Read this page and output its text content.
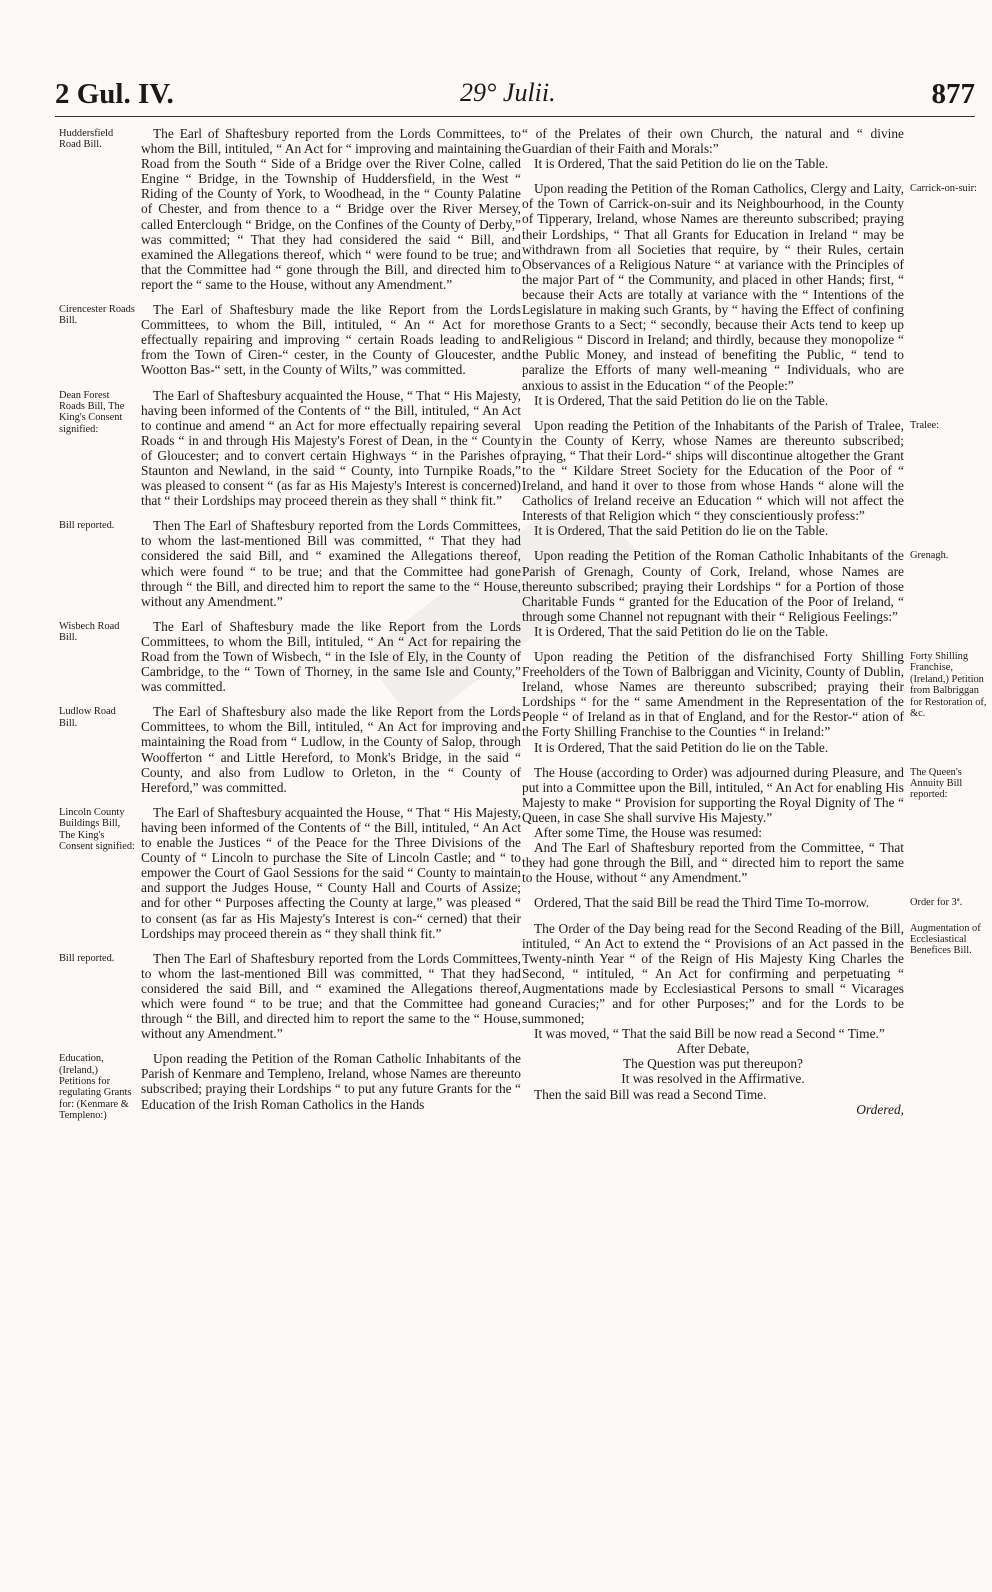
2 Gul. IV.	29° Julii.	877
Huddersfield Road Bill.

The Earl of Shaftesbury reported from the Lords Committees, to whom the Bill, intituled, “ An Act for “ improving and maintaining the Road from the South “ Side of a Bridge over the River Colne, called Engine “ Bridge, in the Township of Huddersfield, in the West “ Riding of the County of York, to Woodhead, in the “ County Palatine of Chester, and from thence to a “ Bridge over the River Mersey, called Enterclough “ Bridge, on the Confines of the County of Derby,” was committed; “ That they had considered the said “ Bill, and examined the Allegations thereof, which “ were found to be true; and that the Committee had “ gone through the Bill, and directed him to report the “ same to the House, without any Amendment.”

Cirencester Roads Bill.

The Earl of Shaftesbury made the like Report from the Lords Committees, to whom the Bill, intituled, “ An “ Act for more effectually repairing and improving “ certain Roads leading to and from the Town of Ciren-“ cester, in the County of Gloucester, and Wootton Bas-“ sett, in the County of Wilts,” was committed.

Dean Forest Roads Bill, The King's Consent signified:

The Earl of Shaftesbury acquainted the House, “ That “ His Majesty, having been informed of the Contents of “ the Bill, intituled, “ An Act to continue and amend “ an Act for more effectually repairing several Roads “ in and through His Majesty's Forest of Dean, in the “ County of Gloucester; and to convert certain Highways “ in the Parishes of Staunton and Newland, in the said “ County, into Turnpike Roads,” was pleased to consent “ (as far as His Majesty's Interest is concerned) that “ their Lordships may proceed therein as they shall “ think fit.”

Bill reported.	Then The Earl of Shaftesbury reported from the Lords Committees, to whom the last-mentioned Bill was committed, “ That they had considered the said Bill, and “ examined the Allegations thereof, which were found “ to be true; and that the Committee had gone through “ the Bill, and directed him to report the same to the “ House, without any Amendment.”

Wisbech Road Bill.

The Earl of Shaftesbury made the like Report from the Lords Committees, to whom the Bill, intituled, “ An “ Act for repairing the Road from the Town of Wisbech, “ in the Isle of Ely, in the County of Cambridge, to the “ Town of Thorney, in the same Isle and County,” was committed.

Ludlow Road Bill.

The Earl of Shaftesbury also made the like Report from the Lords Committees, to whom the Bill, intituled, “ An Act for improving and maintaining the Road from “ Ludlow, in the County of Salop, through Woofferton “ and Little Hereford, to Monk's Bridge, in the said “ County, and also from Ludlow to Orleton, in the “ County of Hereford,” was committed.

Lincoln County Buildings Bill, The King's Consent signified:

The Earl of Shaftesbury acquainted the House, “ That “ His Majesty, having been informed of the Contents of “ the Bill, intituled, “ An Act to enable the Justices “ of the Peace for the Three Divisions of the County of “ Lincoln to purchase the Site of Lincoln Castle; and “ to empower the Court of Gaol Sessions for the said “ County to maintain and support the Judges House, “ County Hall and Courts of Assize; and for other “ Purposes affecting the County at large,” was pleased “ to consent (as far as His Majesty's Interest is con-“ cerned) that their Lordships may proceed therein as “ they shall think fit.”

Bill reported.	Then The Earl of Shaftesbury reported from the Lords Committees, to whom the last-mentioned Bill was committed, “ That they had considered the said Bill, and “ examined the Allegations thereof, which were found “ to be true; and that the Committee had gone through “ the Bill, and directed him to report the same to the “ House, without any Amendment.”

Education, (Ireland,) Petitions for regulating Grants for: (Kenmare & Templeno:)

Upon reading the Petition of the Roman Catholic Inhabitants of the Parish of Kenmare and Templeno, Ireland, whose Names are thereunto subscribed; praying their Lordships “ to put any future Grants for the “ Education of the Irish Roman Catholics in the Hands

“ of the Prelates of their own Church, the natural and “ divine Guardian of their Faith and Morals:”

It is Ordered, That the said Petition do lie on the Table.

Carrick-on-suir:

Upon reading the Petition of the Roman Catholics, Clergy and Laity, of the Town of Carrick-on-suir and its Neighbourhood, in the County of Tipperary, Ireland, whose Names are thereunto subscribed; praying their Lordships, “ That all Grants for Education in Ireland “ may be withdrawn from all Societies that require, by “ their Rules, certain Observances of a Religious Nature “ at variance with the Principles of the major Part of “ the Community, and placed in other Hands; first, “ because their Acts are totally at variance with the “ Intentions of the Legislature in making such Grants, by “ having the Effect of confining those Grants to a Sect; “ secondly, because their Acts tend to keep up Religious “ Discord in Ireland; and thirdly, because they monopolize “ the Public Money, and instead of benefiting the Public, “ tend to paralize the Efforts of many well-meaning “ Individuals, who are anxious to assist in the Education “ of the People:”

It is Ordered, That the said Petition do lie on the Table.

Tralee:

Upon reading the Petition of the Inhabitants of the Parish of Tralee, in the County of Kerry, whose Names are thereunto subscribed; praying, “ That their Lord-“ ships will discontinue altogether the Grant to the “ Kildare Street Society for the Education of the Poor of “ Ireland, and hand it over to those from whose Hands “ alone will the Catholics of Ireland receive an Education “ which will not affect the Interests of that Religion which “ they conscientiously profess:”

It is Ordered, That the said Petition do lie on the Table.

Grenagh.

Upon reading the Petition of the Roman Catholic Inhabitants of the Parish of Grenagh, County of Cork, Ireland, whose Names are thereunto subscribed; praying their Lordships “ for a Portion of those Charitable Funds “ granted for the Education of the Poor of Ireland, “ through some Channel not repugnant with their “ Religious Feelings:”

It is Ordered, That the said Petition do lie on the Table.

Forty Shilling Franchise, (Ireland,) Petition from Balbriggan for Restoration of, &c.

Upon reading the Petition of the disfranchised Forty Shilling Freeholders of the Town of Balbriggan and Vicinity, County of Dublin, Ireland, whose Names are thereunto subscribed; praying their Lordships “ for the “ same Amendment in the Representation of the People “ of Ireland as in that of England, and for the Restor-“ ation of the Forty Shilling Franchise to the Counties “ in Ireland:”

It is Ordered, That the said Petition do lie on the Table.

The Queen's Annuity Bill reported:

The House (according to Order) was adjourned during Pleasure, and put into a Committee upon the Bill, intituled, “ An Act for enabling His Majesty to make “ Provision for supporting the Royal Dignity of The “ Queen, in case She shall survive His Majesty.”

After some Time, the House was resumed:

And The Earl of Shaftesbury reported from the Committee, “ That they had gone through the Bill, and “ directed him to report the same to the House, without “ any Amendment.”

Order for 3ª.

Ordered, That the said Bill be read the Third Time To-morrow.

Augmentation of Ecclesiastical Benefices Bill.

The Order of the Day being read for the Second Reading of the Bill, intituled, “ An Act to extend the “ Provisions of an Act passed in the Twenty-ninth Year “ of the Reign of His Majesty King Charles the Second, “ intituled, “ An Act for confirming and perpetuating “ Augmentations made by Ecclesiastical Persons to small “ Vicarages and Curacies;” and for other Purposes;” and for the Lords to be summoned;

It was moved, “ That the said Bill be now read a Second “ Time.”

After Debate,

The Question was put thereupon?

It was resolved in the Affirmative.

Then the said Bill was read a Second Time.

Ordered,
